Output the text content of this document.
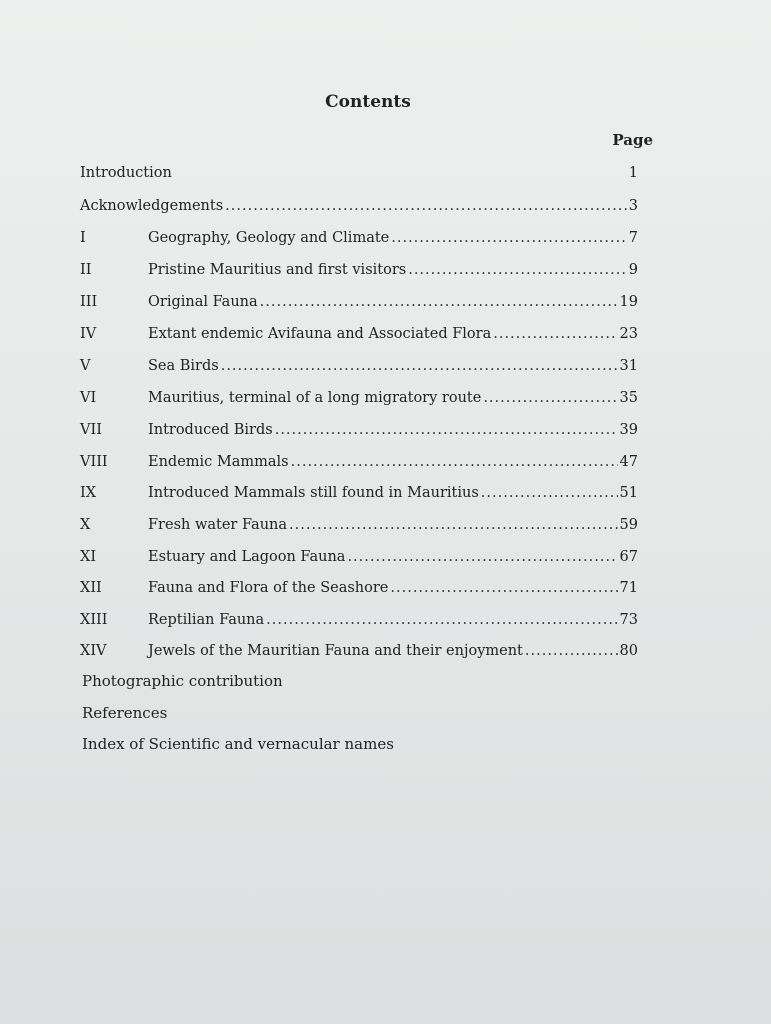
Contents
Page
Introduction	1
Acknowledgements .....	3
I	Geography, Geology and Climate .....	7
II	Pristine Mauritius and first visitors .....	9
III	Original Fauna .....	19
IV	Extant endemic Avifauna and Associated Flora .....	23
V	Sea Birds .....	31
VI	Mauritius, terminal of a long migratory route .....	35
VII	Introduced Birds .....	39
VIII	Endemic Mammals .....	47
IX	Introduced Mammals still found in Mauritius .....	51
X	Fresh water Fauna .....	59
XI	Estuary and Lagoon Fauna .....	67
XII	Fauna and Flora of the Seashore .....	71
XIII	Reptilian Fauna .....	73
XIV	Jewels of the Mauritian Fauna and their enjoyment .....	80
Photographic contribution
References
Index of Scientific and vernacular names
